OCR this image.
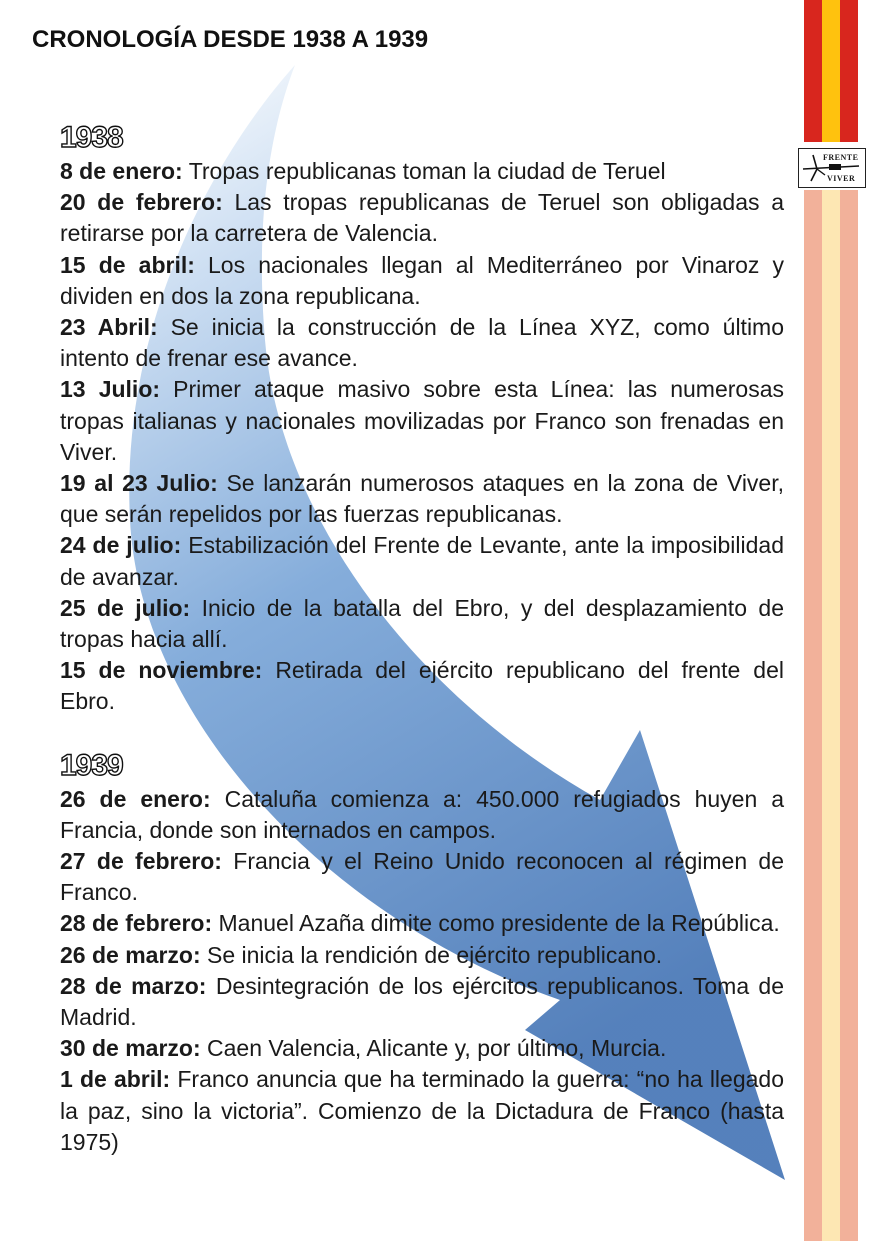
FRENTE
VIVER
CRONOLOGÍA DESDE 1938 A 1939
1938

8 de enero: Tropas republicanas toman la ciudad de Teruel

20 de febrero: Las tropas republicanas de Teruel son obligadas a retirarse por la carretera de Valencia.

15 de abril: Los nacionales llegan al Mediterráneo por Vinaroz y dividen en dos la zona republicana.

23 Abril: Se inicia la construcción de la Línea XYZ, como último intento de frenar ese avance.

13 Julio: Primer ataque masivo sobre esta Línea: las numerosas tropas italianas y nacionales movilizadas por Franco son frenadas en Viver.

19 al 23 Julio: Se lanzarán numerosos ataques en la zona de Viver, que serán repelidos por las fuerzas republicanas.

24 de julio: Estabilización del Frente de Levante, ante la imposibilidad de avanzar.

25 de julio: Inicio de la batalla del Ebro, y del desplazamiento de tropas hacia allí.

15 de noviembre: Retirada del ejército republicano del frente del Ebro.

1939

26 de enero: Cataluña comienza a: 450.000 refugiados huyen a Francia, donde son internados en campos.

27 de febrero: Francia y el Reino Unido reconocen al régimen de Franco.

28 de febrero: Manuel Azaña dimite como presidente de la República.

26 de marzo: Se inicia la rendición de ejército republicano.

28 de marzo: Desintegración de los ejércitos republicanos. Toma de Madrid.

30 de marzo: Caen Valencia, Alicante y, por último, Murcia.

1 de abril: Franco anuncia que ha terminado la guerra: “no ha llegado la paz, sino la victoria”. Comienzo de la Dictadura de Franco (hasta 1975)
